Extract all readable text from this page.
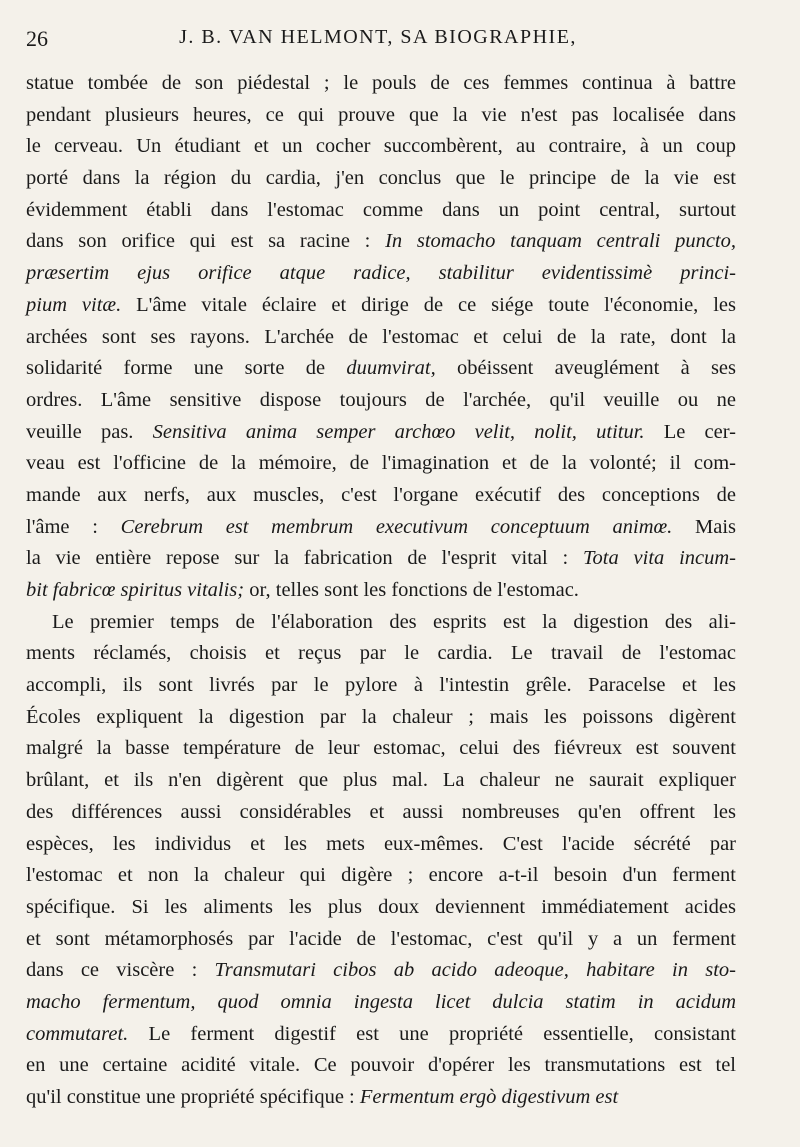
26	J. B. VAN HELMONT, SA BIOGRAPHIE,
statue tombée de son piédestal ; le pouls de ces femmes continua à battre
pendant plusieurs heures, ce qui prouve que la vie n'est pas localisée dans
le cerveau. Un étudiant et un cocher succombèrent, au contraire, à un coup
porté dans la région du cardia, j'en conclus que le principe de la vie est
évidemment établi dans l'estomac comme dans un point central, surtout
dans son orifice qui est sa racine : In stomacho tanquam centrali puncto,
præsertim ejus orifice atque radice, stabilitur evidentissimè princi-
pium vitæ. L'âme vitale éclaire et dirige de ce siége toute l'économie, les
archées sont ses rayons. L'archée de l'estomac et celui de la rate, dont la
solidarité forme une sorte de duumvirat, obéissent aveuglément à ses
ordres. L'âme sensitive dispose toujours de l'archée, qu'il veuille ou ne
veuille pas. Sensitiva anima semper archœo velit, nolit, utitur. Le cer-
veau est l'officine de la mémoire, de l'imagination et de la volonté; il com-
mande aux nerfs, aux muscles, c'est l'organe exécutif des conceptions de
l'âme : Cerebrum est membrum executivum conceptuum animœ. Mais
la vie entière repose sur la fabrication de l'esprit vital : Tota vita incum-
bit fabricœ spiritus vitalis; or, telles sont les fonctions de l'estomac.
Le premier temps de l'élaboration des esprits est la digestion des ali-
ments réclamés, choisis et reçus par le cardia. Le travail de l'estomac
accompli, ils sont livrés par le pylore à l'intestin grêle. Paracelse et les
Écoles expliquent la digestion par la chaleur ; mais les poissons digèrent
malgré la basse température de leur estomac, celui des fiévreux est souvent
brûlant, et ils n'en digèrent que plus mal. La chaleur ne saurait expliquer
des différences aussi considérables et aussi nombreuses qu'en offrent les
espèces, les individus et les mets eux-mêmes. C'est l'acide sécrété par
l'estomac et non la chaleur qui digère ; encore a-t-il besoin d'un ferment
spécifique. Si les aliments les plus doux deviennent immédiatement acides
et sont métamorphosés par l'acide de l'estomac, c'est qu'il y a un ferment
dans ce viscère : Transmutari cibos ab acido adeoque, habitare in sto-
macho fermentum, quod omnia ingesta licet dulcia statim in acidum
commutaret. Le ferment digestif est une propriété essentielle, consistant
en une certaine acidité vitale. Ce pouvoir d'opérer les transmutations est tel
qu'il constitue une propriété spécifique : Fermentum ergò digestivum est
